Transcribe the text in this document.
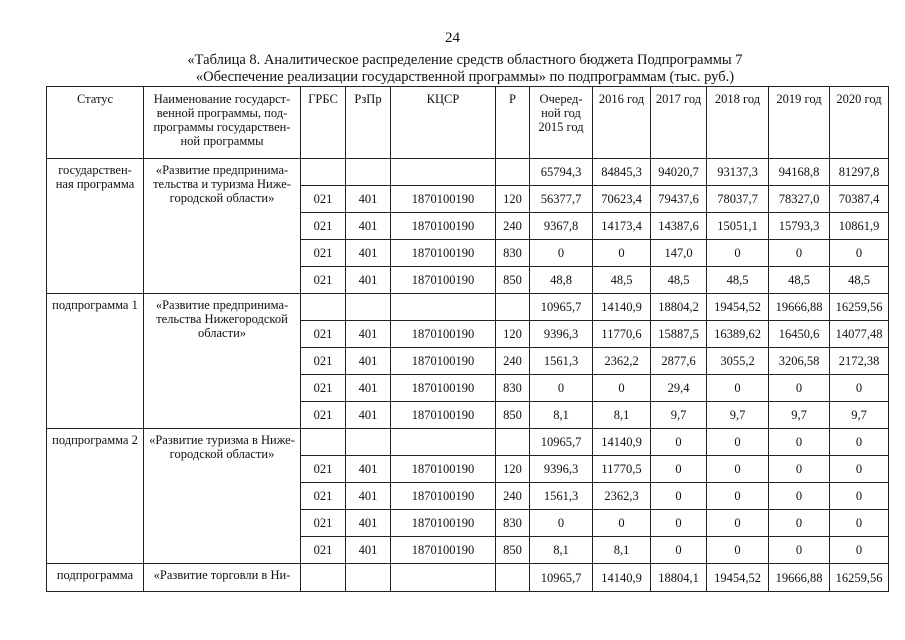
24
«Таблица 8. Аналитическое распределение средств областного бюджета Подпрограммы 7
«Обеспечение реализации государственной программы» по подпрограммам (тыс. руб.)
Статус	Наименование государст-венной программы, под-программы государствен-ной программы	ГРБС	РзПр	КЦСР	Р	Очеред-ной год 2015 год	2016 год	2017 год	2018 год	2019 год	2020 год
государствен-ная программа	«Развитие предпринима-тельства и туризма Ниже-городской области»					65794,3	84845,3	94020,7	93137,3	94168,8	81297,8
		021	401	1870100190	120	56377,7	70623,4	79437,6	78037,7	78327,0	70387,4
		021	401	1870100190	240	9367,8	14173,4	14387,6	15051,1	15793,3	10861,9
		021	401	1870100190	830	0	0	147,0	0	0	0
		021	401	1870100190	850	48,8	48,5	48,5	48,5	48,5	48,5
подпрограмма 1	«Развитие предпринима-тельства Нижегородской области»					10965,7	14140,9	18804,2	19454,52	19666,88	16259,56
		021	401	1870100190	120	9396,3	11770,6	15887,5	16389,62	16450,6	14077,48
		021	401	1870100190	240	1561,3	2362,2	2877,6	3055,2	3206,58	2172,38
		021	401	1870100190	830	0	0	29,4	0	0	0
		021	401	1870100190	850	8,1	8,1	9,7	9,7	9,7	9,7
подпрограмма 2	«Развитие туризма в Ниже-городской области»					10965,7	14140,9	0	0	0	0
		021	401	1870100190	120	9396,3	11770,5	0	0	0	0
		021	401	1870100190	240	1561,3	2362,3	0	0	0	0
		021	401	1870100190	830	0	0	0	0	0	0
		021	401	1870100190	850	8,1	8,1	0	0	0	0
подпрограмма	«Развитие торговли в Ни-					10965,7	14140,9	18804,1	19454,52	19666,88	16259,56
